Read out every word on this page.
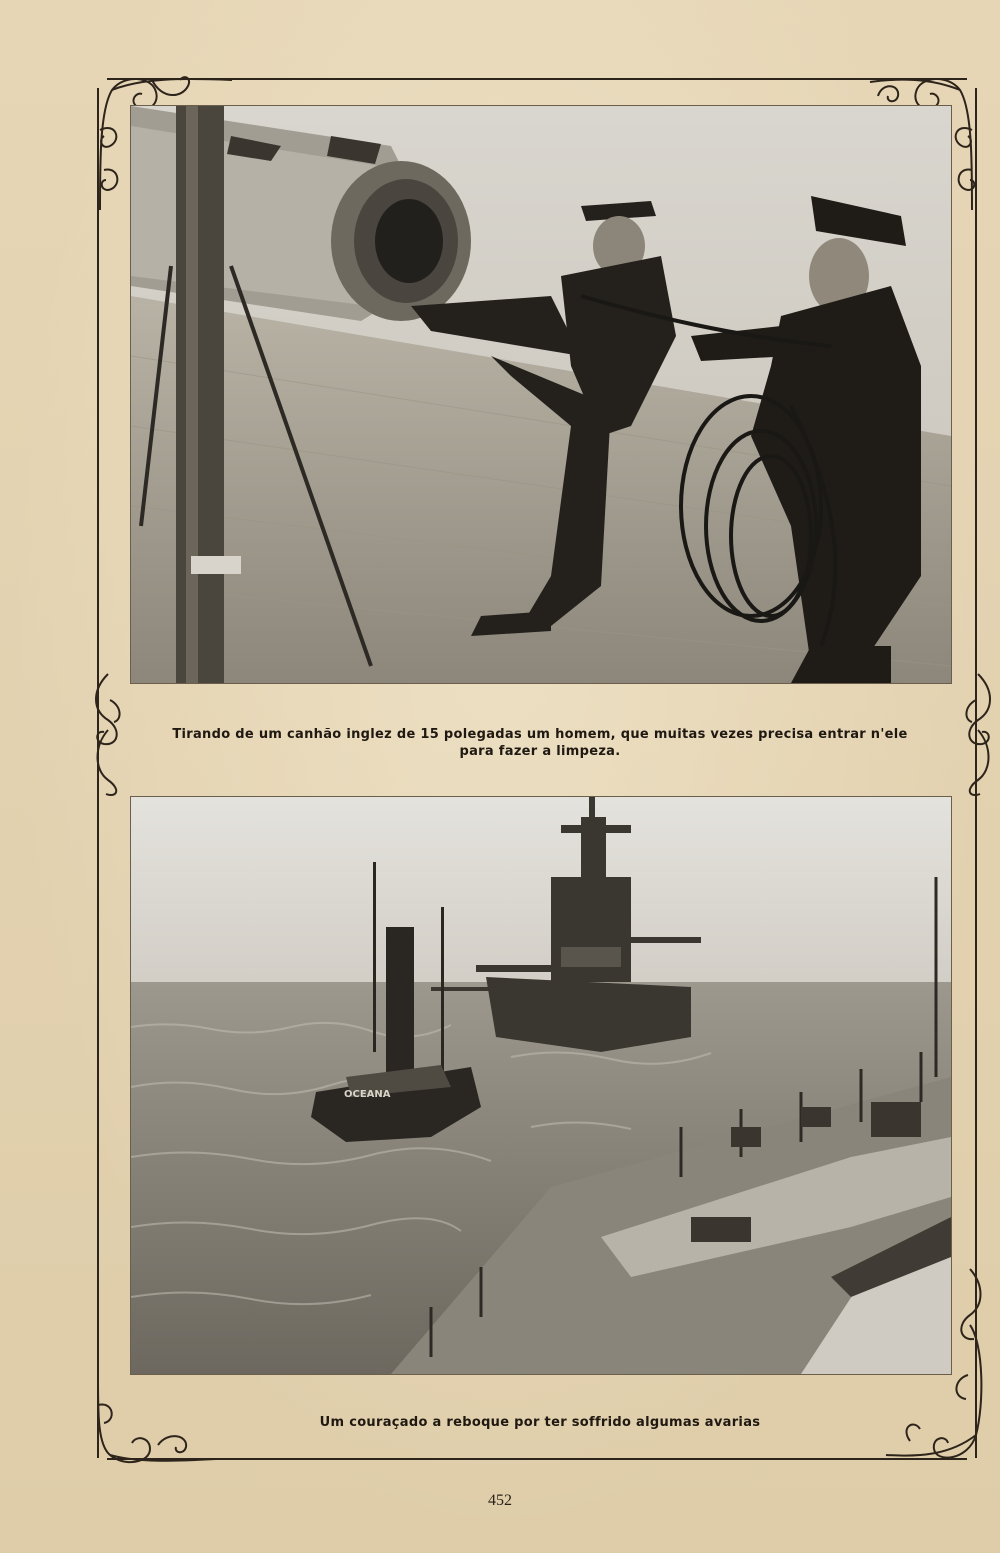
Tirando de um canhão inglez de 15 polegadas um homem, que muitas vezes precisa entrar n'ele
para fazer a limpeza.
OCEANA
Um couraçado a reboque por ter soffrido algumas avarias
452
